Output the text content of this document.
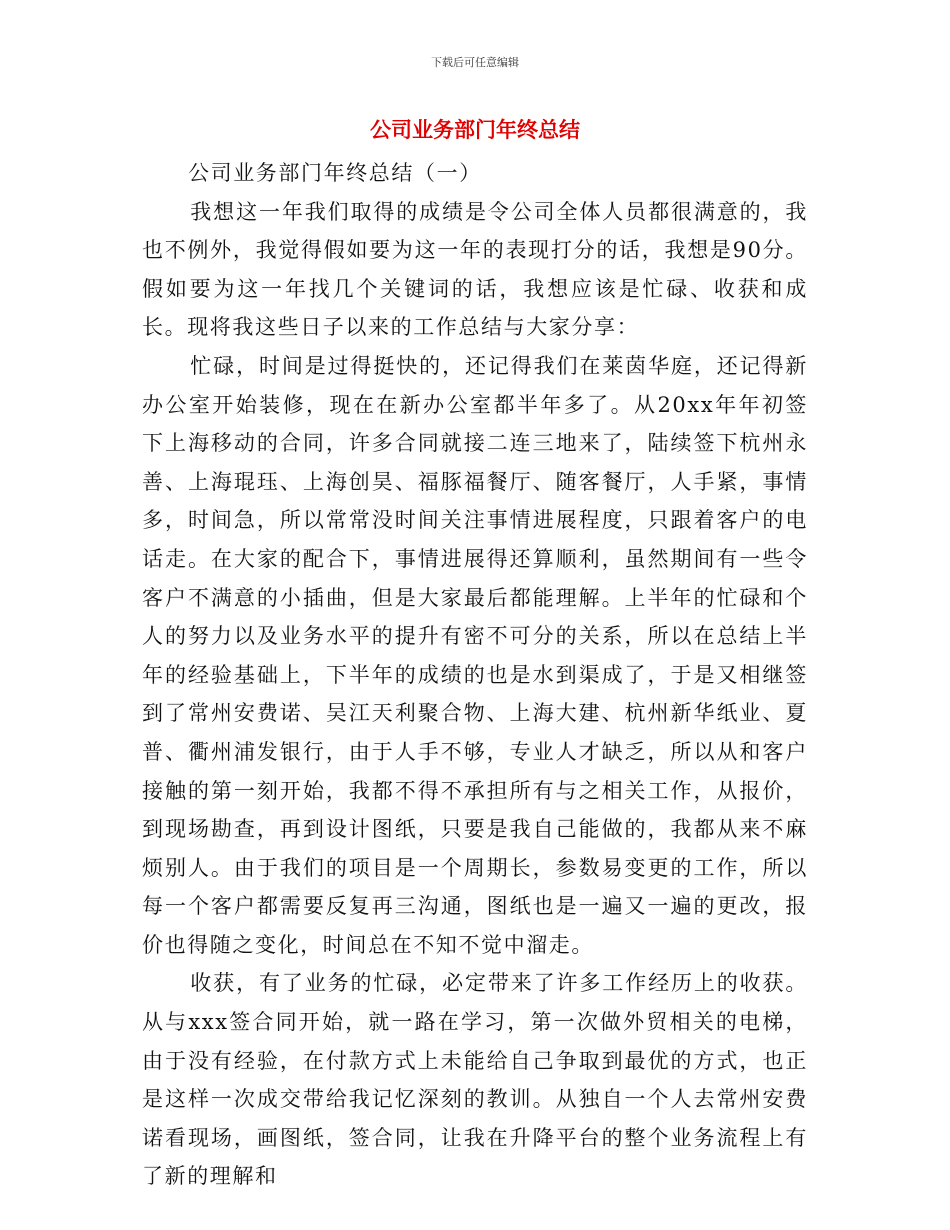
下载后可任意编辑
公司业务部门年终总结

公司业务部门年终总结（一）

我想这一年我们取得的成绩是令公司全体人员都很满意的，我也不例外，我觉得假如要为这一年的表现打分的话，我想是90分。假如要为这一年找几个关键词的话，我想应该是忙碌、收获和成长。现将我这些日子以来的工作总结与大家分享：

忙碌，时间是过得挺快的，还记得我们在莱茵华庭，还记得新办公室开始装修，现在在新办公室都半年多了。从20xx年年初签下上海移动的合同，许多合同就接二连三地来了，陆续签下杭州永善、上海琨珏、上海创昊、福豚福餐厅、随客餐厅，人手紧，事情多，时间急，所以常常没时间关注事情进展程度，只跟着客户的电话走。在大家的配合下，事情进展得还算顺利，虽然期间有一些令客户不满意的小插曲，但是大家最后都能理解。上半年的忙碌和个人的努力以及业务水平的提升有密不可分的关系，所以在总结上半年的经验基础上，下半年的成绩的也是水到渠成了，于是又相继签到了常州安费诺、吴江天利聚合物、上海大建、杭州新华纸业、夏普、衢州浦发银行，由于人手不够，专业人才缺乏，所以从和客户接触的第一刻开始，我都不得不承担所有与之相关工作，从报价，到现场勘查，再到设计图纸，只要是我自己能做的，我都从来不麻烦别人。由于我们的项目是一个周期长，参数易变更的工作，所以每一个客户都需要反复再三沟通，图纸也是一遍又一遍的更改，报价也得随之变化，时间总在不知不觉中溜走。

收获，有了业务的忙碌，必定带来了许多工作经历上的收获。从与xxx签合同开始，就一路在学习，第一次做外贸相关的电梯，由于没有经验，在付款方式上未能给自己争取到最优的方式，也正是这样一次成交带给我记忆深刻的教训。从独自一个人去常州安费诺看现场，画图纸，签合同，让我在升降平台的整个业务流程上有了新的理解和
